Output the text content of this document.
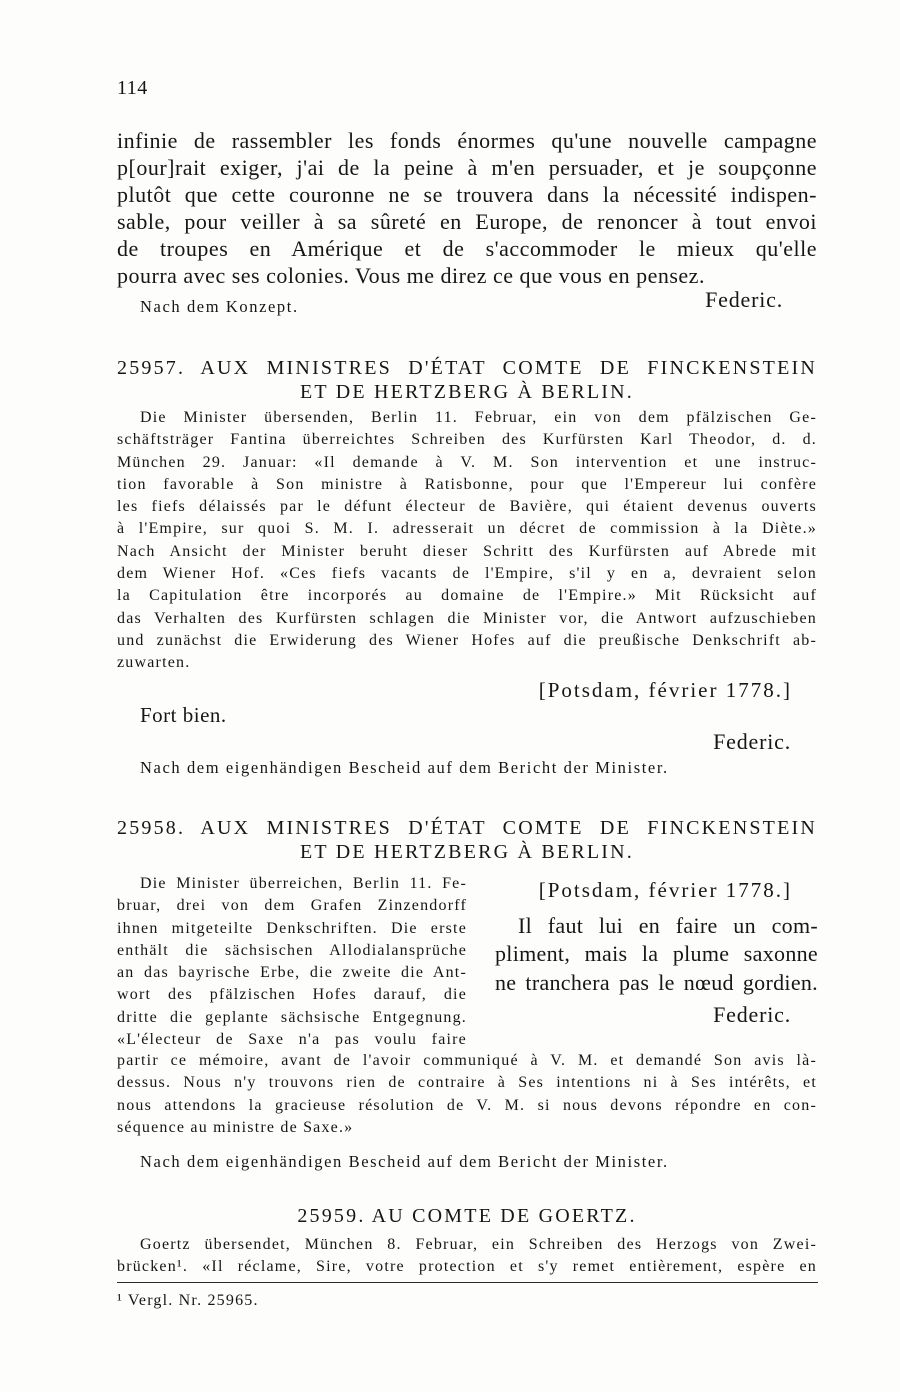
114
infinie de rassembler les fonds énormes qu'une nouvelle campagne
p[our]rait exiger, j'ai de la peine à m'en persuader, et je soupçonne
plutôt que cette couronne ne se trouvera dans la nécessité indispen-
sable, pour veiller à sa sûreté en Europe, de renoncer à tout envoi
de troupes en Amérique et de s'accommoder le mieux qu'elle
pourra avec ses colonies. Vous me direz ce que vous en pensez.
Nach dem Konzept.	Federic.
25957. AUX MINISTRES D'ÉTAT COMTE DE FINCKENSTEIN
ET DE HERTZBERG À BERLIN.
Die Minister übersenden, Berlin 11. Februar, ein von dem pfälzischen Ge-
schäftsträger Fantina überreichtes Schreiben des Kurfürsten Karl Theodor, d. d.
München 29. Januar: «Il demande à V. M. Son intervention et une instruc-
tion favorable à Son ministre à Ratisbonne, pour que l'Empereur lui confère
les fiefs délaissés par le défunt électeur de Bavière, qui étaient devenus ouverts
à l'Empire, sur quoi S. M. I. adresserait un décret de commission à la Diète.»
Nach Ansicht der Minister beruht dieser Schritt des Kurfürsten auf Abrede mit
dem Wiener Hof. «Ces fiefs vacants de l'Empire, s'il y en a, devraient selon
la Capitulation être incorporés au domaine de l'Empire.» Mit Rücksicht auf
das Verhalten des Kurfürsten schlagen die Minister vor, die Antwort aufzuschieben
und zunächst die Erwiderung des Wiener Hofes auf die preußische Denkschrift ab-
zuwarten.
[Potsdam, février 1778.]
Fort bien.
Federic.
Nach dem eigenhändigen Bescheid auf dem Bericht der Minister.
25958. AUX MINISTRES D'ÉTAT COMTE DE FINCKENSTEIN
ET DE HERTZBERG À BERLIN.
Die Minister überreichen, Berlin 11. Fe-
bruar, drei von dem Grafen Zinzendorff
ihnen mitgeteilte Denkschriften. Die erste
enthält die sächsischen Allodialansprüche
an das bayrische Erbe, die zweite die Ant-
wort des pfälzischen Hofes darauf, die
dritte die geplante sächsische Entgegnung.
«L'électeur de Saxe n'a pas voulu faire
[Potsdam, février 1778.]
Il faut lui en faire un com-
pliment, mais la plume saxonne
ne tranchera pas le nœud gordien.
Federic.
partir ce mémoire, avant de l'avoir communiqué à V. M. et demandé Son avis là-
dessus. Nous n'y trouvons rien de contraire à Ses intentions ni à Ses intérêts, et
nous attendons la gracieuse résolution de V. M. si nous devons répondre en con-
séquence au ministre de Saxe.»
Nach dem eigenhändigen Bescheid auf dem Bericht der Minister.
25959. AU COMTE DE GOERTZ.
Goertz übersendet, München 8. Februar, ein Schreiben des Herzogs von Zwei-
brücken¹. «Il réclame, Sire, votre protection et s'y remet entièrement, espère en
¹ Vergl. Nr. 25965.
